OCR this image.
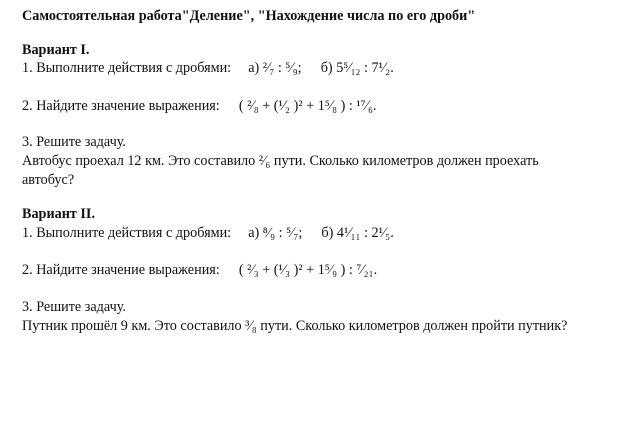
Самостоятельная работа"Деление", "Нахождение числа по его дроби"
Вариант I.
1. Выполните действия с дробями: а) ²⁄₇ : ⁵⁄₉; б) 5⁵⁄₁₂ : 7¹⁄₂.
2. Найдите значение выражения: ( ²⁄₈ + (¹⁄₂ )² + 1⁵⁄₈ ) : ¹⁷⁄₆.
3. Решите задачу.
Автобус проехал 12 км. Это составило ²⁄₆ пути. Сколько километров должен проехать
автобус?
Вариант II.
1. Выполните действия с дробями: а) ⁸⁄₉ : ⁵⁄₇; б) 4¹⁄₁₁ : 2¹⁄₅.
2. Найдите значение выражения: ( ²⁄₃ + (¹⁄₃ )² + 1⁵⁄₉ ) : ⁷⁄₂₁.
3. Решите задачу.
Путник прошёл 9 км. Это составило ³⁄₈ пути. Сколько километров должен пройти путник?
